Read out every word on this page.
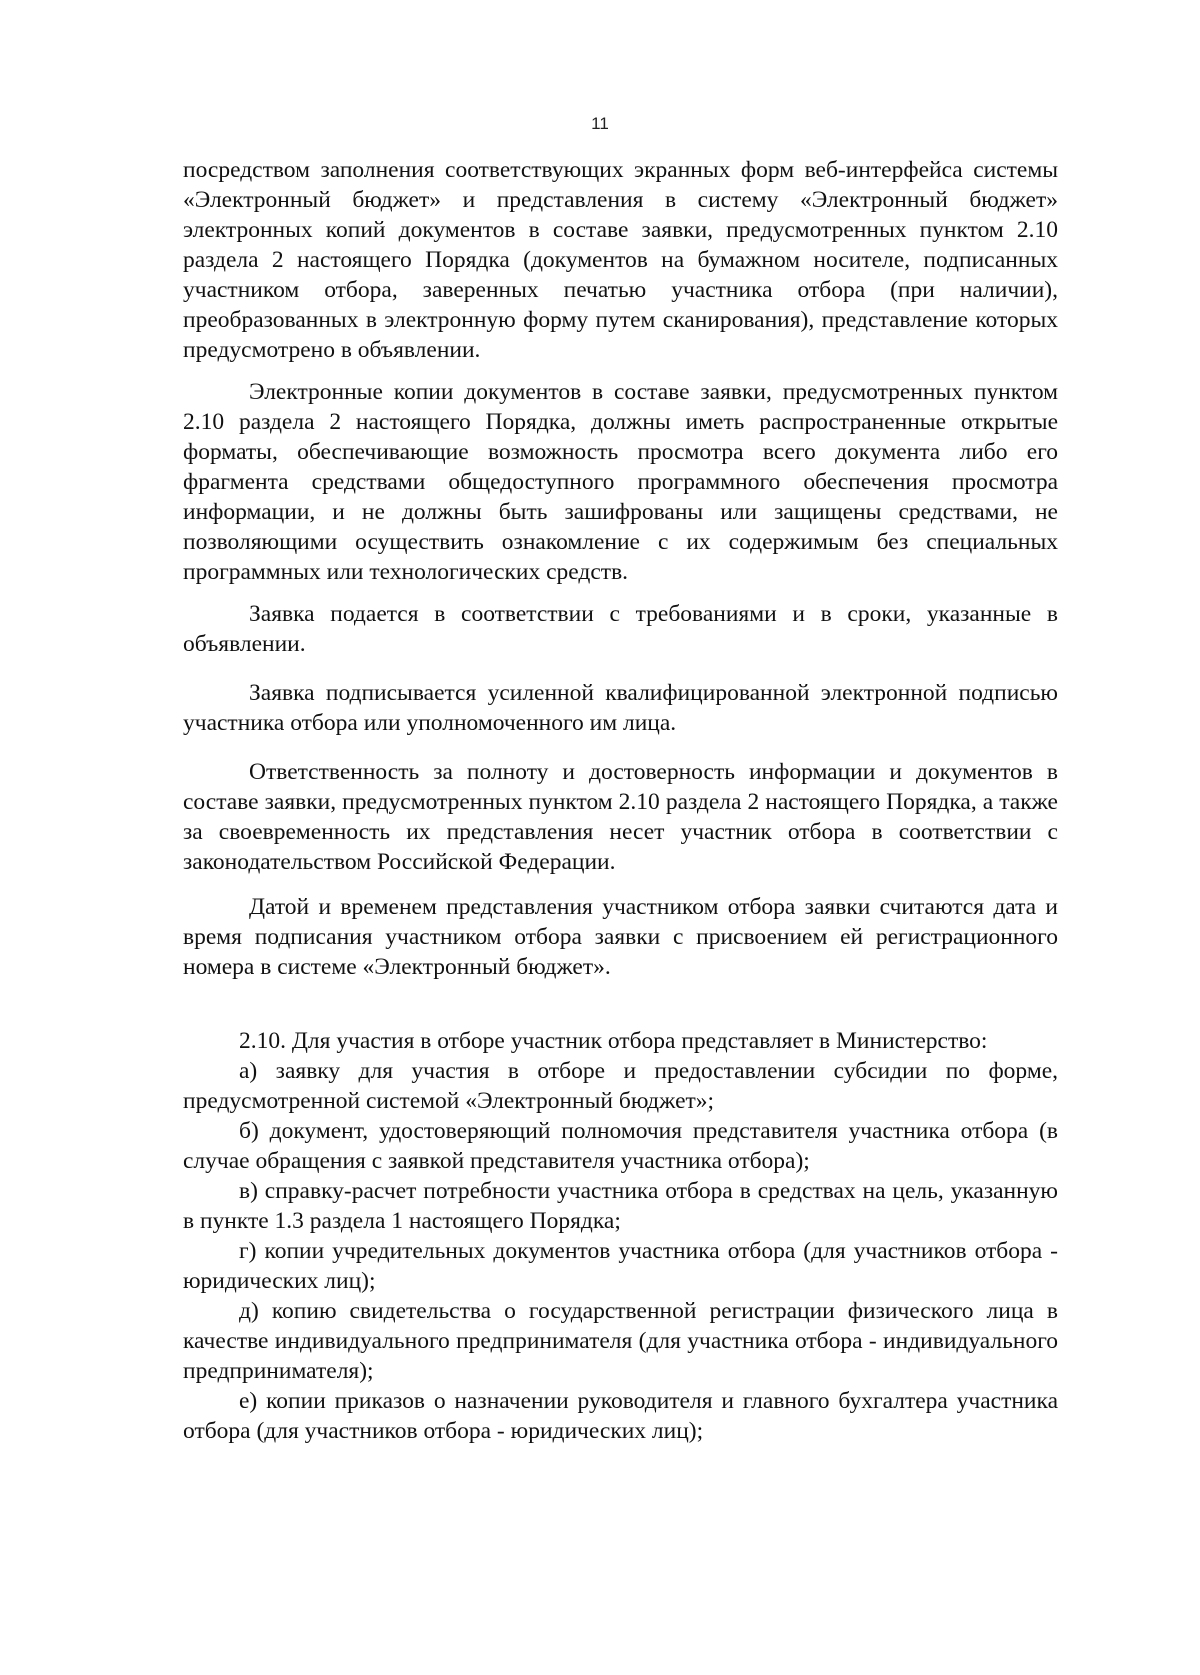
11

посредством заполнения соответствующих экранных форм веб-интерфейса системы «Электронный бюджет» и представления в систему «Электронный бюджет» электронных копий документов в составе заявки, предусмотренных пунктом 2.10 раздела 2 настоящего Порядка (документов на бумажном носителе, подписанных участником отбора, заверенных печатью участника отбора (при наличии), преобразованных в электронную форму путем сканирования), представление которых предусмотрено в объявлении.

Электронные копии документов в составе заявки, предусмотренных пунктом 2.10 раздела 2 настоящего Порядка, должны иметь распространенные открытые форматы, обеспечивающие возможность просмотра всего документа либо его фрагмента средствами общедоступного программного обеспечения просмотра информации, и не должны быть зашифрованы или защищены средствами, не позволяющими осуществить ознакомление с их содержимым без специальных программных или технологических средств.

Заявка подается в соответствии с требованиями и в сроки, указанные в объявлении.

Заявка подписывается усиленной квалифицированной электронной подписью участника отбора или уполномоченного им лица.

Ответственность за полноту и достоверность информации и документов в составе заявки, предусмотренных пунктом 2.10 раздела 2 настоящего Порядка, а также за своевременность их представления несет участник отбора в соответствии с законодательством Российской Федерации.

Датой и временем представления участником отбора заявки считаются дата и время подписания участником отбора заявки с присвоением ей регистрационного номера в системе «Электронный бюджет».

2.10. Для участия в отборе участник отбора представляет в Министерство:

а) заявку для участия в отборе и предоставлении субсидии по форме, предусмотренной системой «Электронный бюджет»;

б) документ, удостоверяющий полномочия представителя участника отбора (в случае обращения с заявкой представителя участника отбора);

в) справку-расчет потребности участника отбора в средствах на цель, указанную в пункте 1.3 раздела 1 настоящего Порядка;

г) копии учредительных документов участника отбора (для участников отбора - юридических лиц);

д) копию свидетельства о государственной регистрации физического лица в качестве индивидуального предпринимателя (для участника отбора - индивидуального предпринимателя);

е) копии приказов о назначении руководителя и главного бухгалтера участника отбора (для участников отбора - юридических лиц);
